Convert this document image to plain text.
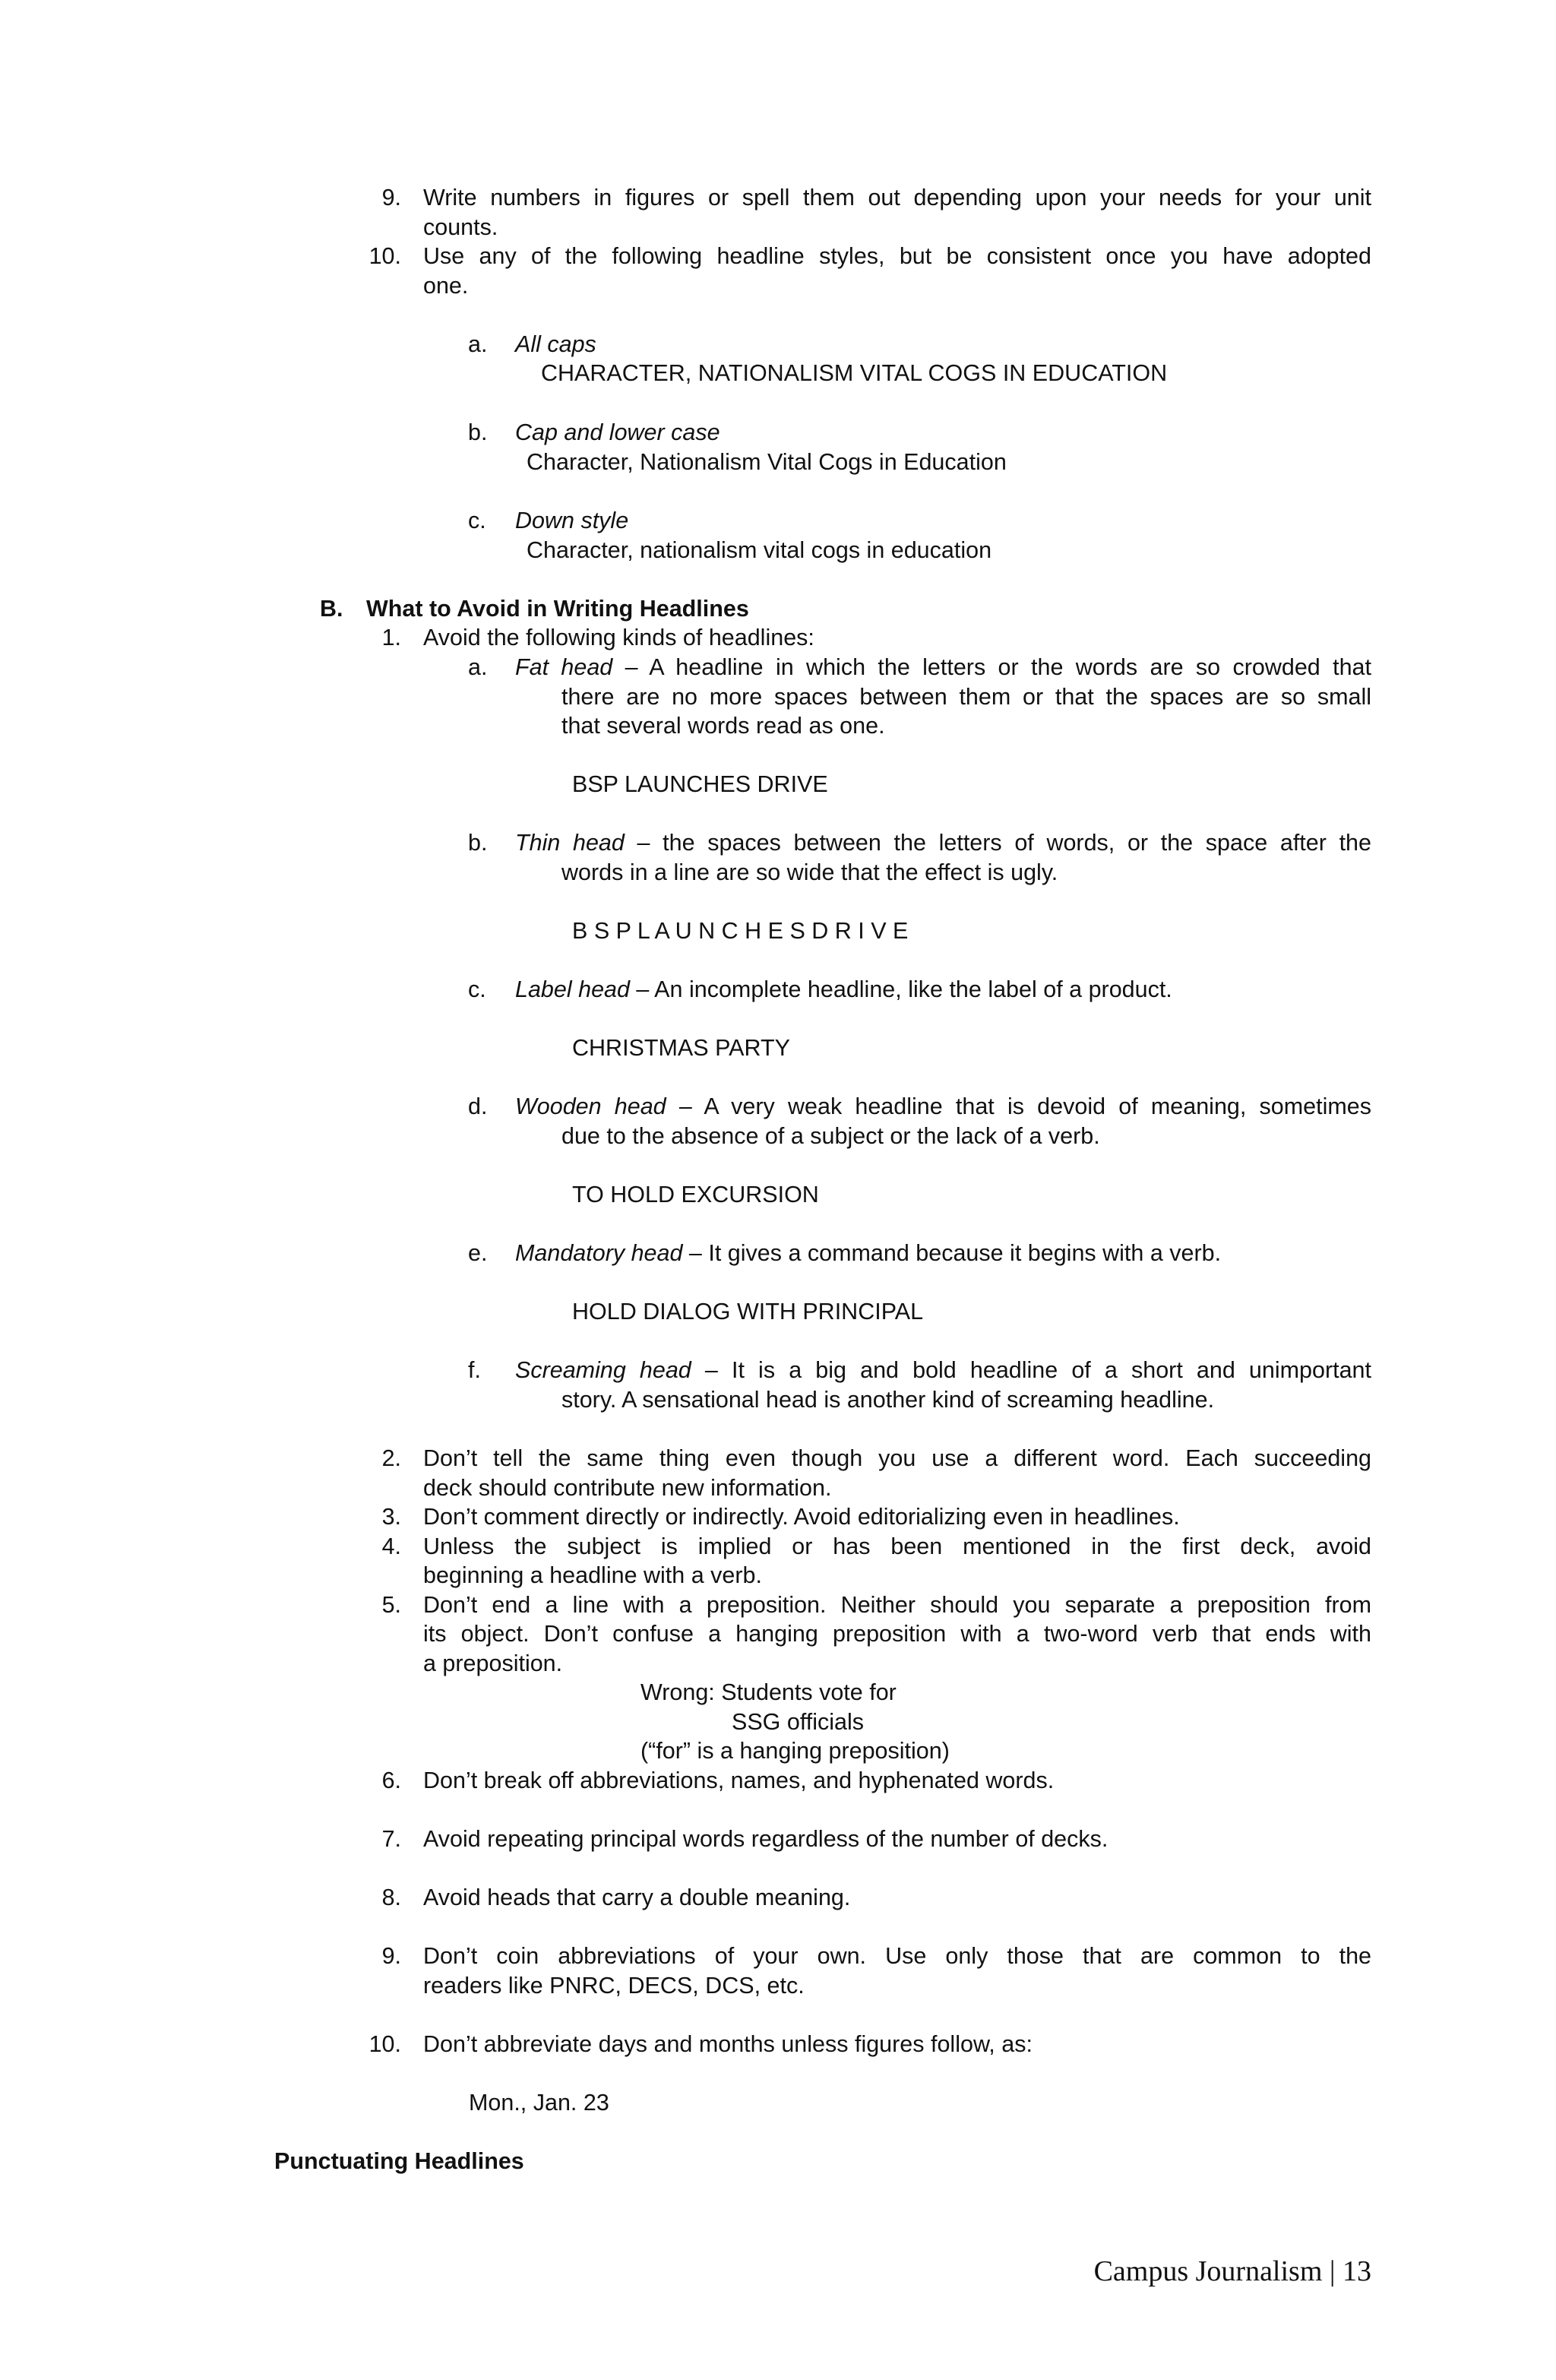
9. Write numbers in figures or spell them out depending upon your needs for your unit
counts.
10. Use any of the following headline styles, but be consistent once you have adopted
one.
a. All caps
CHARACTER, NATIONALISM VITAL COGS IN EDUCATION
b. Cap and lower case
Character, Nationalism Vital Cogs in Education
c. Down style
Character, nationalism vital cogs in education
B. What to Avoid in Writing Headlines
1. Avoid the following kinds of headlines:
a. Fat head – A headline in which the letters or the words are so crowded that
there are no more spaces between them or that the spaces are so small
that several words read as one.
BSP LAUNCHES DRIVE
b. Thin head – the spaces between the letters of words, or the space after the
words in a line are so wide that the effect is ugly.
B S P L A U N C H E S D R I V E
c. Label head – An incomplete headline, like the label of a product.
CHRISTMAS PARTY
d. Wooden head – A very weak headline that is devoid of meaning, sometimes
due to the absence of a subject or the lack of a verb.
TO HOLD EXCURSION
e. Mandatory head – It gives a command because it begins with a verb.
HOLD DIALOG WITH PRINCIPAL
f. Screaming head – It is a big and bold headline of a short and unimportant
story. A sensational head is another kind of screaming headline.
2. Don’t tell the same thing even though you use a different word. Each succeeding
deck should contribute new information.
3. Don’t comment directly or indirectly. Avoid editorializing even in headlines.
4. Unless the subject is implied or has been mentioned in the first deck, avoid
beginning a headline with a verb.
5. Don’t end a line with a preposition. Neither should you separate a preposition from
its object. Don’t confuse a hanging preposition with a two-word verb that ends with
a preposition.
Wrong: Students vote for
SSG officials
(“for” is a hanging preposition)
6. Don’t break off abbreviations, names, and hyphenated words.
7. Avoid repeating principal words regardless of the number of decks.
8. Avoid heads that carry a double meaning.
9. Don’t coin abbreviations of your own. Use only those that are common to the
readers like PNRC, DECS, DCS, etc.
10. Don’t abbreviate days and months unless figures follow, as:
Mon., Jan. 23
Punctuating Headlines
Campus Journalism | 13
